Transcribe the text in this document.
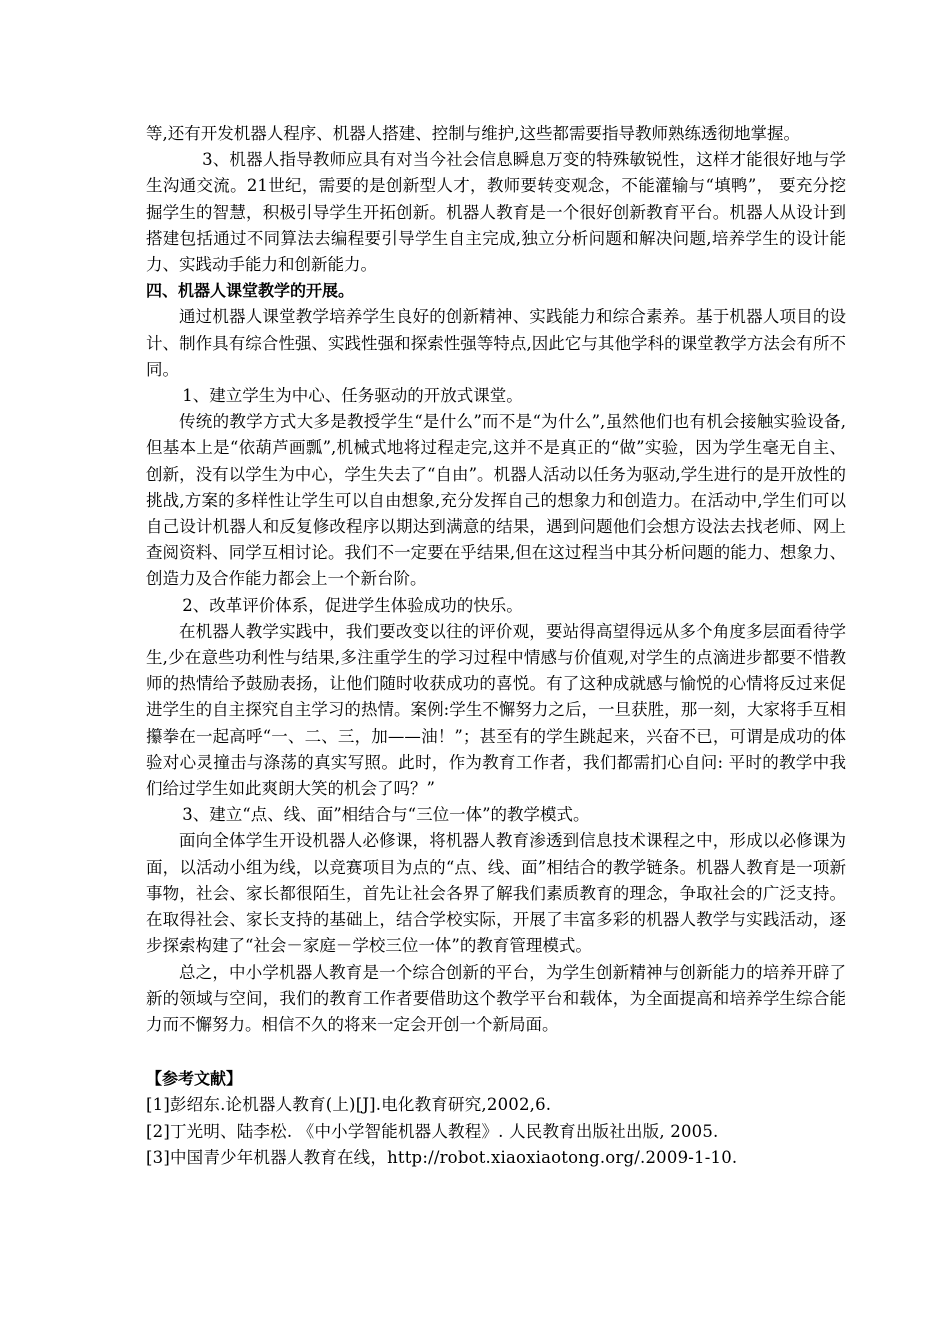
等,还有开发机器人程序、机器人搭建、控制与维护,这些都需要指导教师熟练透彻地掌握。

3、机器人指导教师应具有对当今社会信息瞬息万变的特殊敏锐性，这样才能很好地与学生沟通交流。21世纪，需要的是创新型人才，教师要转变观念，不能灌输与“填鸭”， 要充分挖掘学生的智慧，积极引导学生开拓创新。机器人教育是一个很好创新教育平台。机器人从设计到搭建包括通过不同算法去编程要引导学生自主完成,独立分析问题和解决问题,培养学生的设计能力、实践动手能力和创新能力。

四、机器人课堂教学的开展。

通过机器人课堂教学培养学生良好的创新精神、实践能力和综合素养。基于机器人项目的设计、制作具有综合性强、实践性强和探索性强等特点,因此它与其他学科的课堂教学方法会有所不同。

1、建立学生为中心、任务驱动的开放式课堂。

传统的教学方式大多是教授学生“是什么”而不是“为什么”,虽然他们也有机会接触实验设备,但基本上是“依葫芦画瓢”,机械式地将过程走完,这并不是真正的“做”实验，因为学生毫无自主、创新，没有以学生为中心，学生失去了“自由”。机器人活动以任务为驱动,学生进行的是开放性的挑战,方案的多样性让学生可以自由想象,充分发挥自己的想象力和创造力。在活动中,学生们可以自己设计机器人和反复修改程序以期达到满意的结果，遇到问题他们会想方设法去找老师、网上查阅资料、同学互相讨论。我们不一定要在乎结果,但在这过程当中其分析问题的能力、想象力、创造力及合作能力都会上一个新台阶。

2、改革评价体系，促进学生体验成功的快乐。

在机器人教学实践中，我们要改变以往的评价观，要站得高望得远从多个角度多层面看待学生,少在意些功利性与结果,多注重学生的学习过程中情感与价值观,对学生的点滴进步都要不惜教师的热情给予鼓励表扬，让他们随时收获成功的喜悦。有了这种成就感与愉悦的心情将反过来促进学生的自主探究自主学习的热情。案例:学生不懈努力之后，一旦获胜，那一刻，大家将手互相攥拳在一起高呼“一、二、三，加——油！”；甚至有的学生跳起来，兴奋不已，可谓是成功的体验对心灵撞击与涤荡的真实写照。此时，作为教育工作者，我们都需扪心自问: 平时的教学中我们给过学生如此爽朗大笑的机会了吗？”

3、建立“点、线、面”相结合与“三位一体”的教学模式。

面向全体学生开设机器人必修课，将机器人教育渗透到信息技术课程之中，形成以必修课为面，以活动小组为线，以竞赛项目为点的“点、线、面”相结合的教学链条。机器人教育是一项新事物，社会、家长都很陌生，首先让社会各界了解我们素质教育的理念，争取社会的广泛支持。在取得社会、家长支持的基础上，结合学校实际，开展了丰富多彩的机器人教学与实践活动，逐步探索构建了“社会－家庭－学校三位一体”的教育管理模式。

总之，中小学机器人教育是一个综合创新的平台，为学生创新精神与创新能力的培养开辟了新的领域与空间，我们的教育工作者要借助这个教学平台和载体，为全面提高和培养学生综合能力而不懈努力。相信不久的将来一定会开创一个新局面。

【参考文献】

[1]彭绍东.论机器人教育(上)[J].电化教育研究,2002,6.

[2]丁光明、陆李松. 《中小学智能机器人教程》. 人民教育出版社出版, 2005.

[3]中国青少年机器人教育在线，http://robot.xiaoxiaotong.org/.2009-1-10.
